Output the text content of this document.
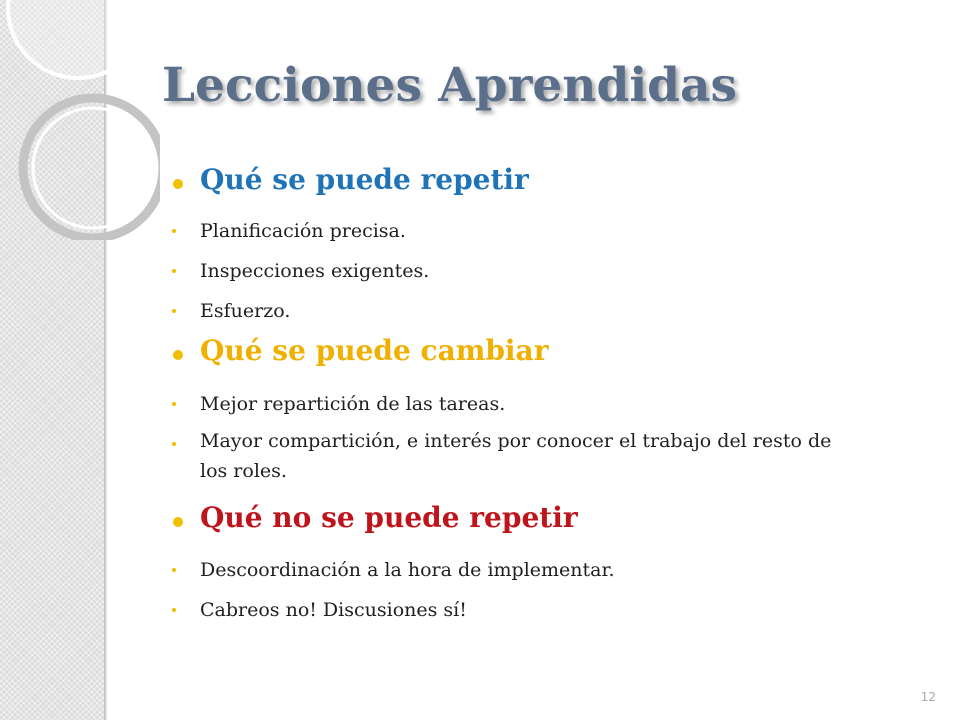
Lecciones Aprendidas
Qué se puede repetir

Planificación precisa.

Inspecciones exigentes.

Esfuerzo.

Qué se puede cambiar

Mejor repartición de las tareas.

Mayor compartición, e interés por conocer el trabajo del resto de los roles.

Qué no se puede repetir

Descoordinación a la hora de implementar.

Cabreos no! Discusiones sí!

12
